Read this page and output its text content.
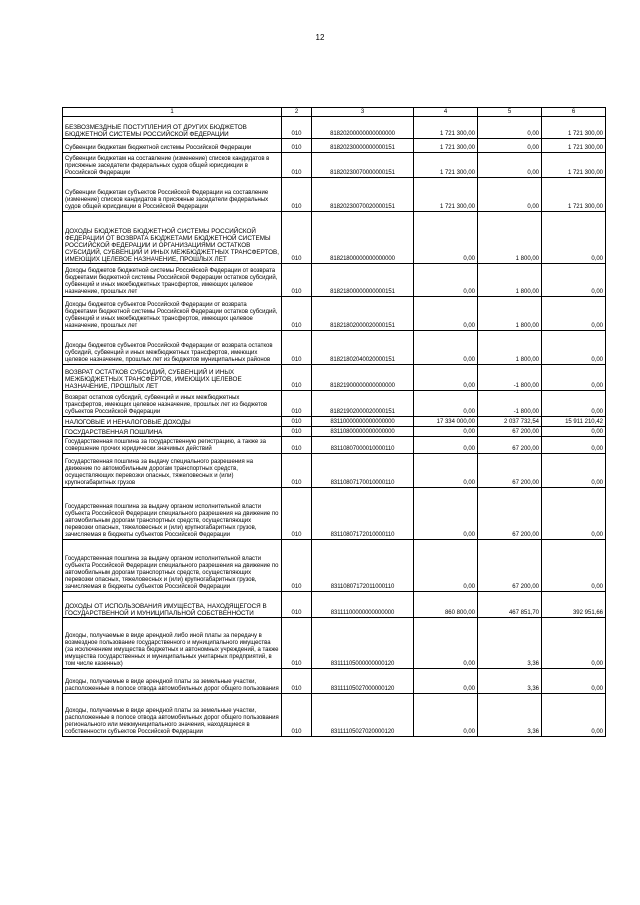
12
1	2	3	4	5	6
БЕЗВОЗМЕЗДНЫЕ ПОСТУПЛЕНИЯ ОТ ДРУГИХ БЮДЖЕТОВ БЮДЖЕТНОЙ СИСТЕМЫ РОССИЙСКОЙ ФЕДЕРАЦИИ	010	81820200000000000000	1 721 300,00	0,00	1 721 300,00
Субвенции бюджетам бюджетной системы Российской Федерации	010	81820230000000000151	1 721 300,00	0,00	1 721 300,00
Субвенции бюджетам на составление (изменение) списков кандидатов в присяжные заседатели федеральных судов общей юрисдикции в Российской Федерации	010	81820230070000000151	1 721 300,00	0,00	1 721 300,00
Субвенции бюджетам субъектов Российской Федерации на составление (изменение) списков кандидатов в присяжные заседатели федеральных судов общей юрисдикции в Российской Федерации	010	81820230070020000151	1 721 300,00	0,00	1 721 300,00
ДОХОДЫ БЮДЖЕТОВ БЮДЖЕТНОЙ СИСТЕМЫ РОССИЙСКОЙ ФЕДЕРАЦИИ ОТ ВОЗВРАТА БЮДЖЕТАМИ БЮДЖЕТНОЙ СИСТЕМЫ РОССИЙСКОЙ ФЕДЕРАЦИИ И ОРГАНИЗАЦИЯМИ ОСТАТКОВ СУБСИДИЙ, СУБВЕНЦИЙ И ИНЫХ МЕЖБЮДЖЕТНЫХ ТРАНСФЕРТОВ, ИМЕЮЩИХ ЦЕЛЕВОЕ НАЗНАЧЕНИЕ, ПРОШЛЫХ ЛЕТ	010	81821800000000000000	0,00	1 800,00	0,00
Доходы бюджетов бюджетной системы Российской Федерации от возврата бюджетами бюджетной системы Российской Федерации остатков субсидий, субвенций и иных межбюджетных трансфертов, имеющих целевое назначение, прошлых лет	010	81821800000000000151	0,00	1 800,00	0,00
Доходы бюджетов субъектов Российской Федерации от возврата бюджетами бюджетной системы Российской Федерации остатков субсидий, субвенций и иных межбюджетных трансфертов, имеющих целевое назначение, прошлых лет	010	81821802000020000151	0,00	1 800,00	0,00
Доходы бюджетов субъектов Российской Федерации от возврата остатков субсидий, субвенций и иных межбюджетных трансфертов, имеющих целевое назначение, прошлых лет из бюджетов муниципальных районов	010	81821802040020000151	0,00	1 800,00	0,00
ВОЗВРАТ ОСТАТКОВ СУБСИДИЙ, СУБВЕНЦИЙ И ИНЫХ МЕЖБЮДЖЕТНЫХ ТРАНСФЕРТОВ, ИМЕЮЩИХ ЦЕЛЕВОЕ НАЗНАЧЕНИЕ, ПРОШЛЫХ ЛЕТ	010	81821900000000000000	0,00	-1 800,00	0,00
Возврат остатков субсидий, субвенций и иных межбюджетных трансфертов, имеющих целевое назначение, прошлых лет из бюджетов субъектов Российской Федерации	010	81821902000020000151	0,00	-1 800,00	0,00
НАЛОГОВЫЕ И НЕНАЛОГОВЫЕ ДОХОДЫ	010	83110000000000000000	17 334 000,00	2 037 732,54	15 911 210,42
ГОСУДАРСТВЕННАЯ ПОШЛИНА	010	83110800000000000000	0,00	67 200,00	0,00
Государственная пошлина за государственную регистрацию, а также за совершение прочих юридически значимых действий	010	83110807000010000110	0,00	67 200,00	0,00
Государственная пошлина за выдачу специального разрешения на движение по автомобильным дорогам транспортных средств, осуществляющих перевозки опасных, тяжеловесных и (или) крупногабаритных грузов	010	83110807170010000110	0,00	67 200,00	0,00
Государственная пошлина за выдачу органом исполнительной власти субъекта Российской Федерации специального разрешения на движение по автомобильным дорогам транспортных средств, осуществляющих перевозки опасных, тяжеловесных и (или) крупногабаритных грузов, зачисляемая в бюджеты субъектов Российской Федерации	010	83110807172010000110	0,00	67 200,00	0,00
Государственная пошлина за выдачу органом исполнительной власти субъекта Российской Федерации специального разрешения на движение по автомобильным дорогам транспортных средств, осуществляющих перевозки опасных, тяжеловесных и (или) крупногабаритных грузов, зачисляемая в бюджеты субъектов Российской Федерации	010	83110807172011000110	0,00	67 200,00	0,00
ДОХОДЫ ОТ ИСПОЛЬЗОВАНИЯ ИМУЩЕСТВА, НАХОДЯЩЕГОСЯ В ГОСУДАРСТВЕННОЙ И МУНИЦИПАЛЬНОЙ СОБСТВЕННОСТИ	010	83111100000000000000	860 800,00	467 851,70	392 951,66
Доходы, получаемые в виде арендной либо иной платы за передачу в возмездное пользование государственного и муниципального имущества (за исключением имущества бюджетных и автономных учреждений, а также имущества государственных и муниципальных унитарных предприятий, в том числе казенных)	010	83111105000000000120	0,00	3,36	0,00
Доходы, получаемые в виде арендной платы за земельные участки, расположенные в полосе отвода автомобильных дорог общего пользования	010	83111105027000000120	0,00	3,36	0,00
Доходы, получаемые в виде арендной платы за земельные участки, расположенные в полосе отвода автомобильных дорог общего пользования регионального или межмуниципального значения, находящиеся в собственности субъектов Российской Федерации	010	83111105027020000120	0,00	3,36	0,00
